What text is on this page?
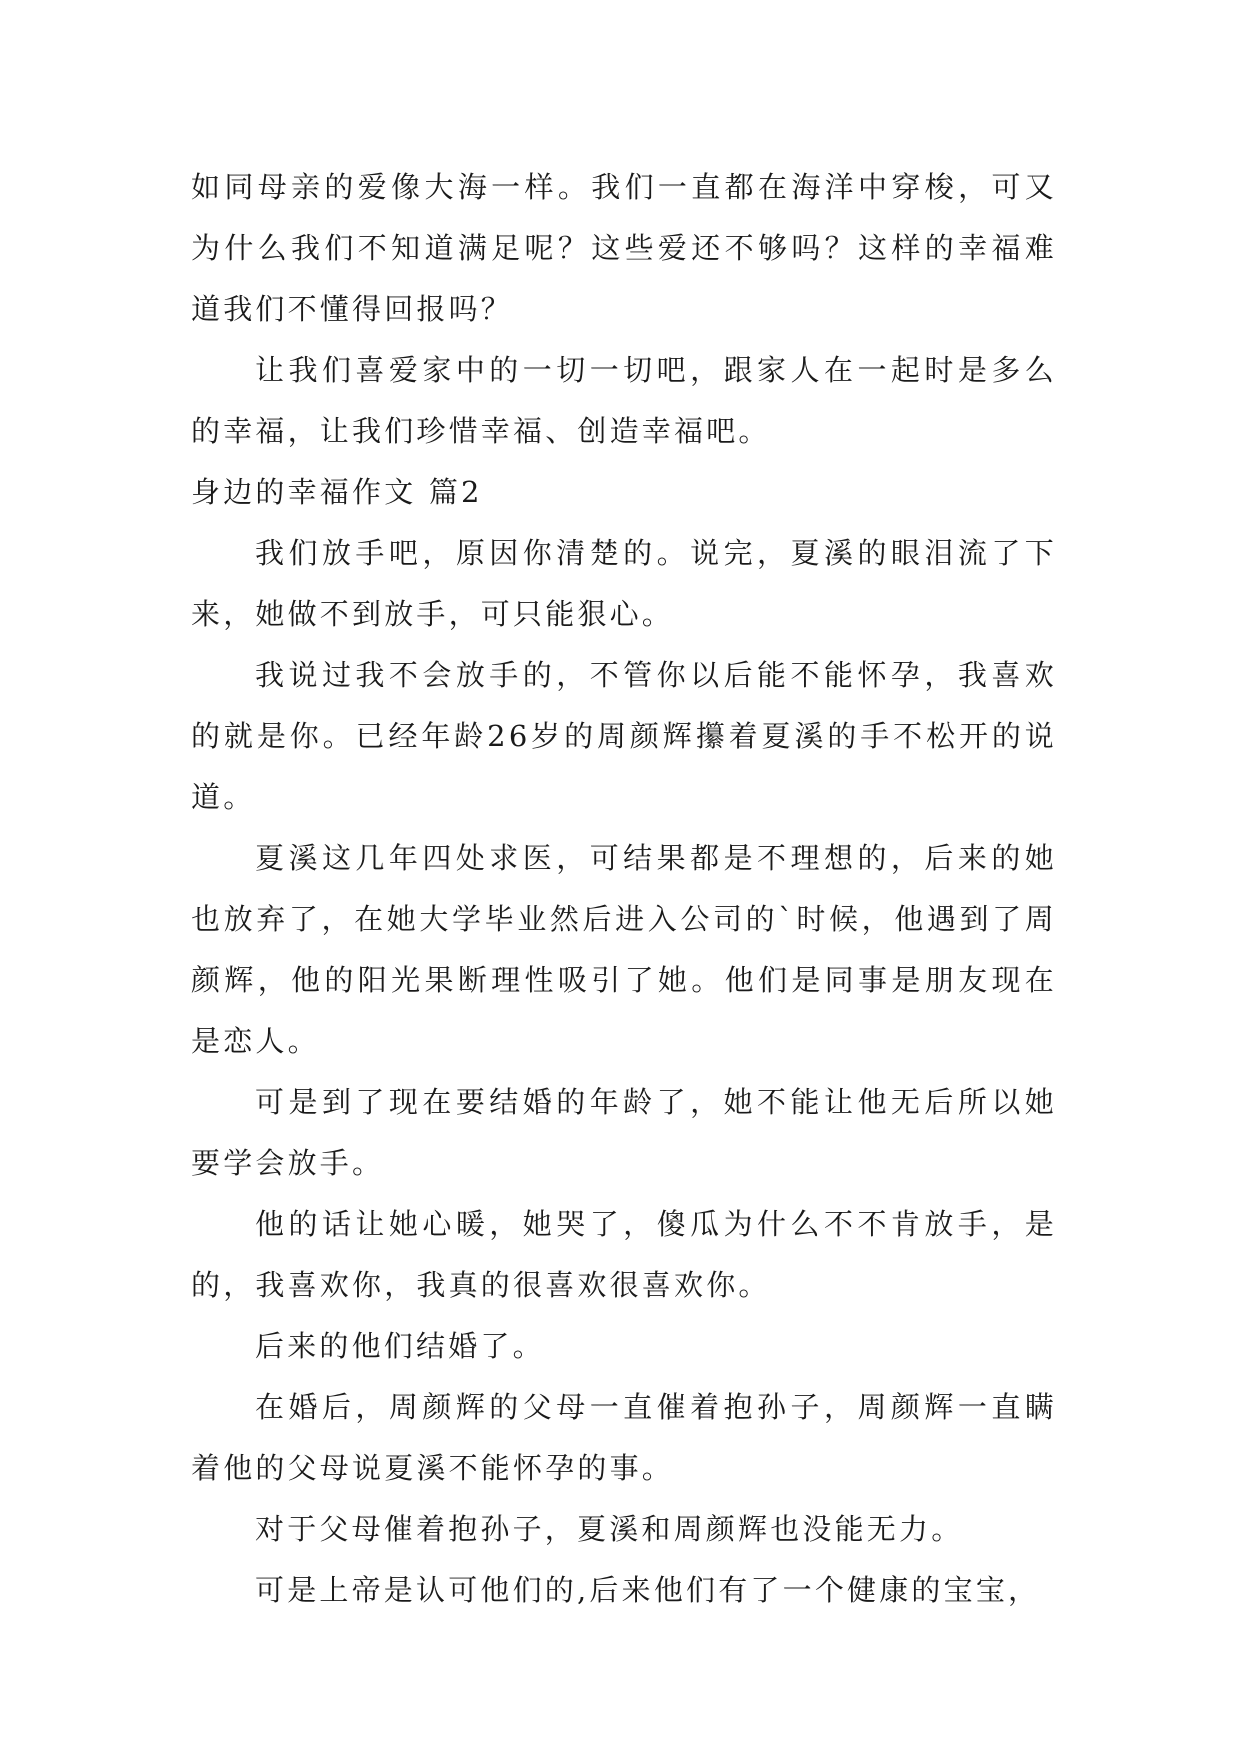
如同母亲的爱像大海一样。我们一直都在海洋中穿梭，可又为什么我们不知道满足呢？这些爱还不够吗？这样的幸福难道我们不懂得回报吗？

让我们喜爱家中的一切一切吧，跟家人在一起时是多么的幸福，让我们珍惜幸福、创造幸福吧。

身边的幸福作文 篇2

我们放手吧，原因你清楚的。说完，夏溪的眼泪流了下来，她做不到放手，可只能狠心。

我说过我不会放手的，不管你以后能不能怀孕，我喜欢的就是你。已经年龄26岁的周颜辉攥着夏溪的手不松开的说道。

夏溪这几年四处求医，可结果都是不理想的，后来的她也放弃了，在她大学毕业然后进入公司的`时候，他遇到了周颜辉，他的阳光果断理性吸引了她。他们是同事是朋友现在是恋人。

可是到了现在要结婚的年龄了，她不能让他无后所以她要学会放手。

他的话让她心暖，她哭了，傻瓜为什么不不肯放手，是的，我喜欢你，我真的很喜欢很喜欢你。

后来的他们结婚了。

在婚后，周颜辉的父母一直催着抱孙子，周颜辉一直瞒着他的父母说夏溪不能怀孕的事。

对于父母催着抱孙子，夏溪和周颜辉也没能无力。

可是上帝是认可他们的,后来他们有了一个健康的宝宝，
